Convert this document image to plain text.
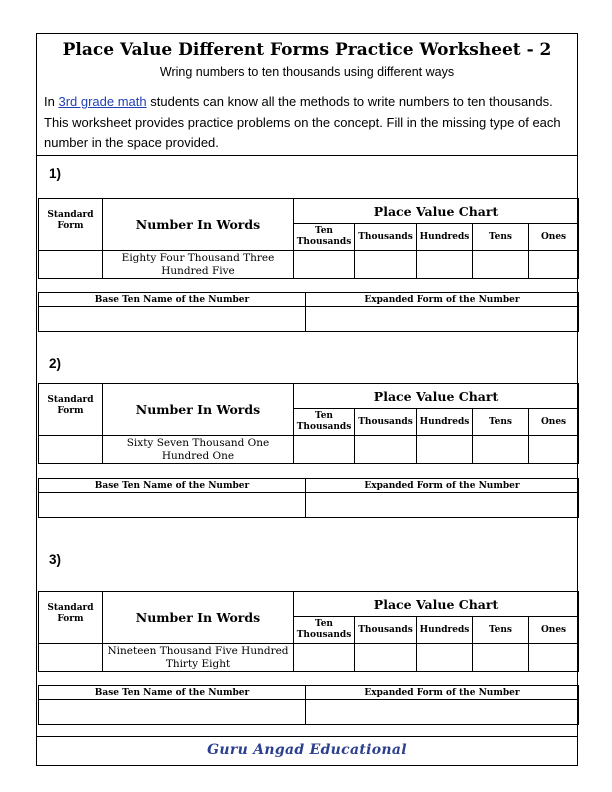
Place Value Different Forms Practice Worksheet - 2
Wring numbers to ten thousands using different ways
In 3rd grade math students can know all the methods to write numbers to ten thousands. This worksheet provides practice problems on the concept. Fill in the missing type of each number in the space provided.
1)
Standard Form	Number In Words	Place Value Chart				
		Ten Thousands	Thousands	Hundreds	Tens	Ones
	Eighty Four Thousand Three Hundred Five					
Base Ten Name of the Number	Expanded Form of the Number

2)
Standard Form	Number In Words	Place Value Chart				
		Ten Thousands	Thousands	Hundreds	Tens	Ones
	Sixty Seven Thousand One Hundred One					
Base Ten Name of the Number	Expanded Form of the Number

3)
Standard Form	Number In Words	Place Value Chart				
		Ten Thousands	Thousands	Hundreds	Tens	Ones
	Nineteen Thousand Five Hundred Thirty Eight					
Base Ten Name of the Number	Expanded Form of the Number

Guru Angad Educational
